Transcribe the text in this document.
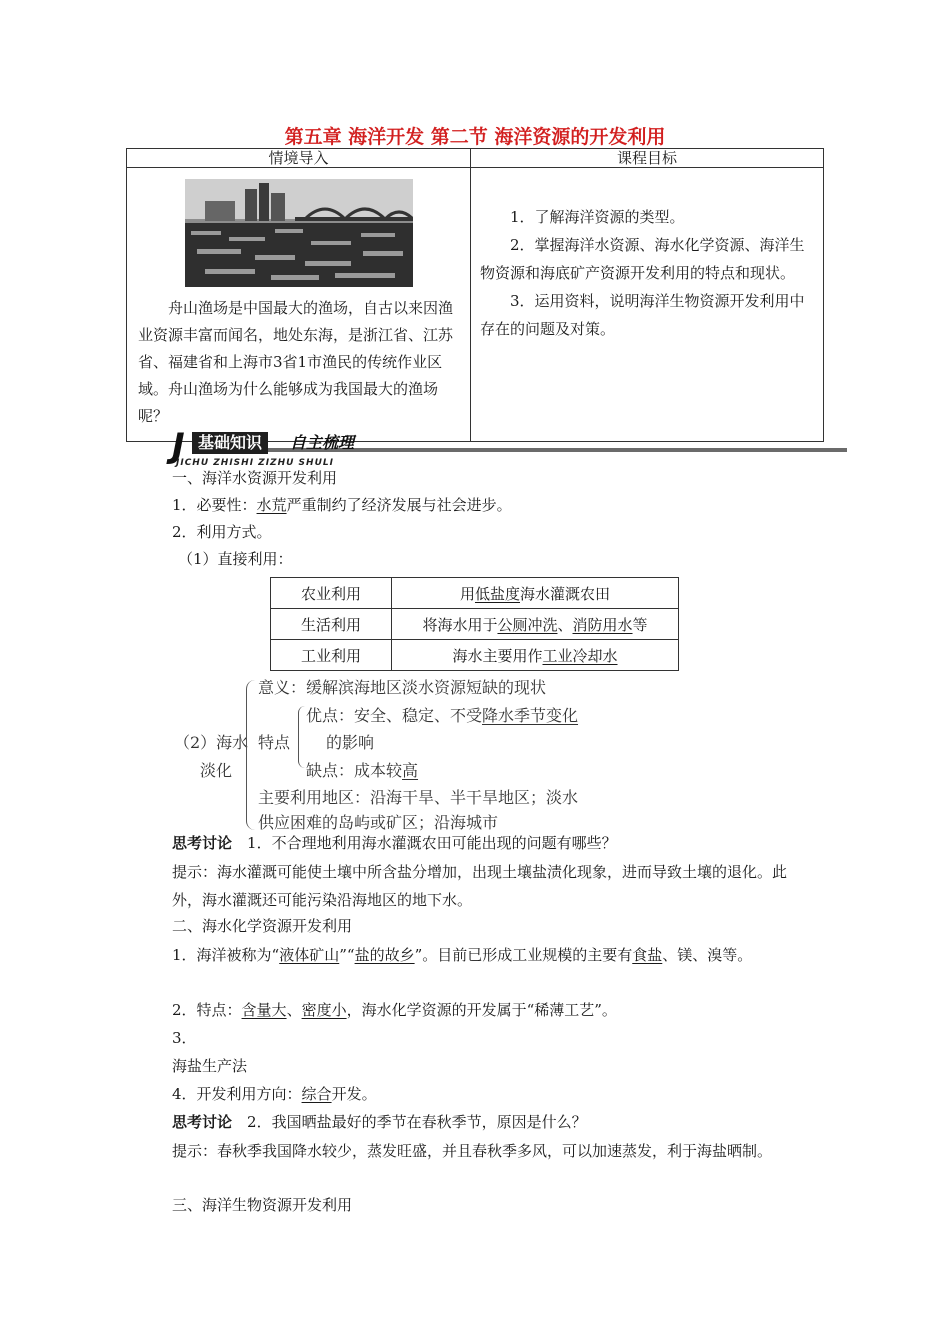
第五章 海洋开发 第二节 海洋资源的开发利用
情境导入	课程目标

舟山渔场是中国最大的渔场，自古以来因渔业资源丰富而闻名，地处东海，是浙江省、江苏省、福建省和上海市3省1市渔民的传统作业区域。舟山渔场为什么能够成为我国最大的渔场呢？	1．了解海洋资源的类型。

2．掌握海洋水资源、海水化学资源、海洋生物资源和海底矿产资源开发利用的特点和现状。

3．运用资料，说明海洋生物资源开发利用中存在的问题及对策。

J 基础知识	自主梳理
JICHU ZHISHI ZIZHU SHULI
一、海洋水资源开发利用
1．必要性：水荒严重制约了经济发展与社会进步。
2．利用方式。
（1）直接利用：
农业利用	用低盐度海水灌溉农田
生活利用	将海水用于公厕冲洗、消防用水等
工业利用	海水主要用作工业冷却水
（2）海水
淡化
意义：缓解滨海地区淡水资源短缺的现状
特点
优点：安全、稳定、不受降水季节变化
的影响
缺点：成本较高
主要利用地区：沿海干旱、半干旱地区；淡水
供应困难的岛屿或矿区；沿海城市
思考讨论　 1．不合理地利用海水灌溉农田可能出现的问题有哪些？
提示：海水灌溉可能使土壤中所含盐分增加，出现土壤盐渍化现象，进而导致土壤的退化。此外，海水灌溉还可能污染沿海地区的地下水。
二、海水化学资源开发利用
1．海洋被称为“液体矿山”“盐的故乡”。目前已形成工业规模的主要有食盐、镁、溴等。
2．特点：含量大、密度小，海水化学资源的开发属于“稀薄工艺”。
3．
海盐生产法
4．开发利用方向：综合开发。
思考讨论　 2．我国晒盐最好的季节在春秋季节，原因是什么？
提示：春秋季我国降水较少，蒸发旺盛，并且春秋季多风，可以加速蒸发，利于海盐晒制。
三、海洋生物资源开发利用
